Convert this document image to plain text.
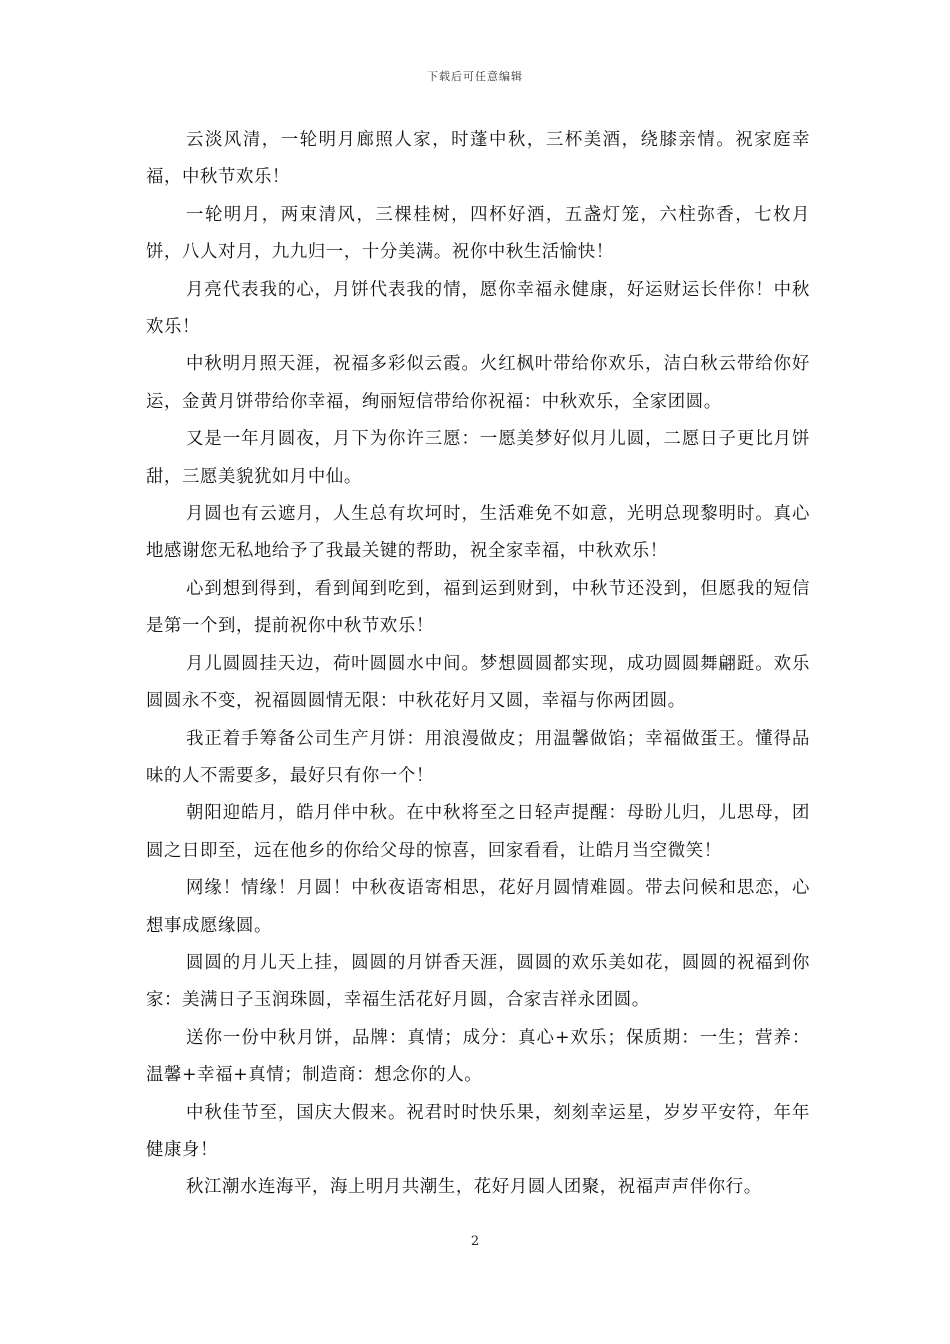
下载后可任意编辑

云淡风清，一轮明月廊照人家，时蓬中秋，三杯美酒，绕膝亲情。祝家庭幸福，中秋节欢乐！

一轮明月，两束清风，三棵桂树，四杯好酒，五盏灯笼，六柱弥香，七枚月饼，八人对月，九九归一，十分美满。祝你中秋生活愉快！

月亮代表我的心，月饼代表我的情，愿你幸福永健康，好运财运长伴你！中秋欢乐！

中秋明月照天涯，祝福多彩似云霞。火红枫叶带给你欢乐，洁白秋云带给你好运，金黄月饼带给你幸福，绚丽短信带给你祝福：中秋欢乐，全家团圆。

又是一年月圆夜，月下为你许三愿：一愿美梦好似月儿圆，二愿日子更比月饼甜，三愿美貌犹如月中仙。

月圆也有云遮月，人生总有坎坷时，生活难免不如意，光明总现黎明时。真心地感谢您无私地给予了我最关键的帮助，祝全家幸福，中秋欢乐！

心到想到得到，看到闻到吃到，福到运到财到，中秋节还没到，但愿我的短信是第一个到，提前祝你中秋节欢乐！

月儿圆圆挂天边，荷叶圆圆水中间。梦想圆圆都实现，成功圆圆舞翩跹。欢乐圆圆永不变，祝福圆圆情无限：中秋花好月又圆，幸福与你两团圆。

我正着手筹备公司生产月饼：用浪漫做皮；用温馨做馅；幸福做蛋王。懂得品味的人不需要多，最好只有你一个！

朝阳迎皓月，皓月伴中秋。在中秋将至之日轻声提醒：母盼儿归，儿思母，团圆之日即至，远在他乡的你给父母的惊喜，回家看看，让皓月当空微笑！

网缘！情缘！月圆！中秋夜语寄相思，花好月圆情难圆。带去问候和思恋，心想事成愿缘圆。

圆圆的月儿天上挂，圆圆的月饼香天涯，圆圆的欢乐美如花，圆圆的祝福到你家：美满日子玉润珠圆，幸福生活花好月圆，合家吉祥永团圆。

送你一份中秋月饼，品牌：真情；成分：真心+欢乐；保质期：一生；营养：温馨+幸福+真情；制造商：想念你的人。

中秋佳节至，国庆大假来。祝君时时快乐果，刻刻幸运星，岁岁平安符，年年健康身！

秋江潮水连海平，海上明月共潮生，花好月圆人团聚，祝福声声伴你行。

2
